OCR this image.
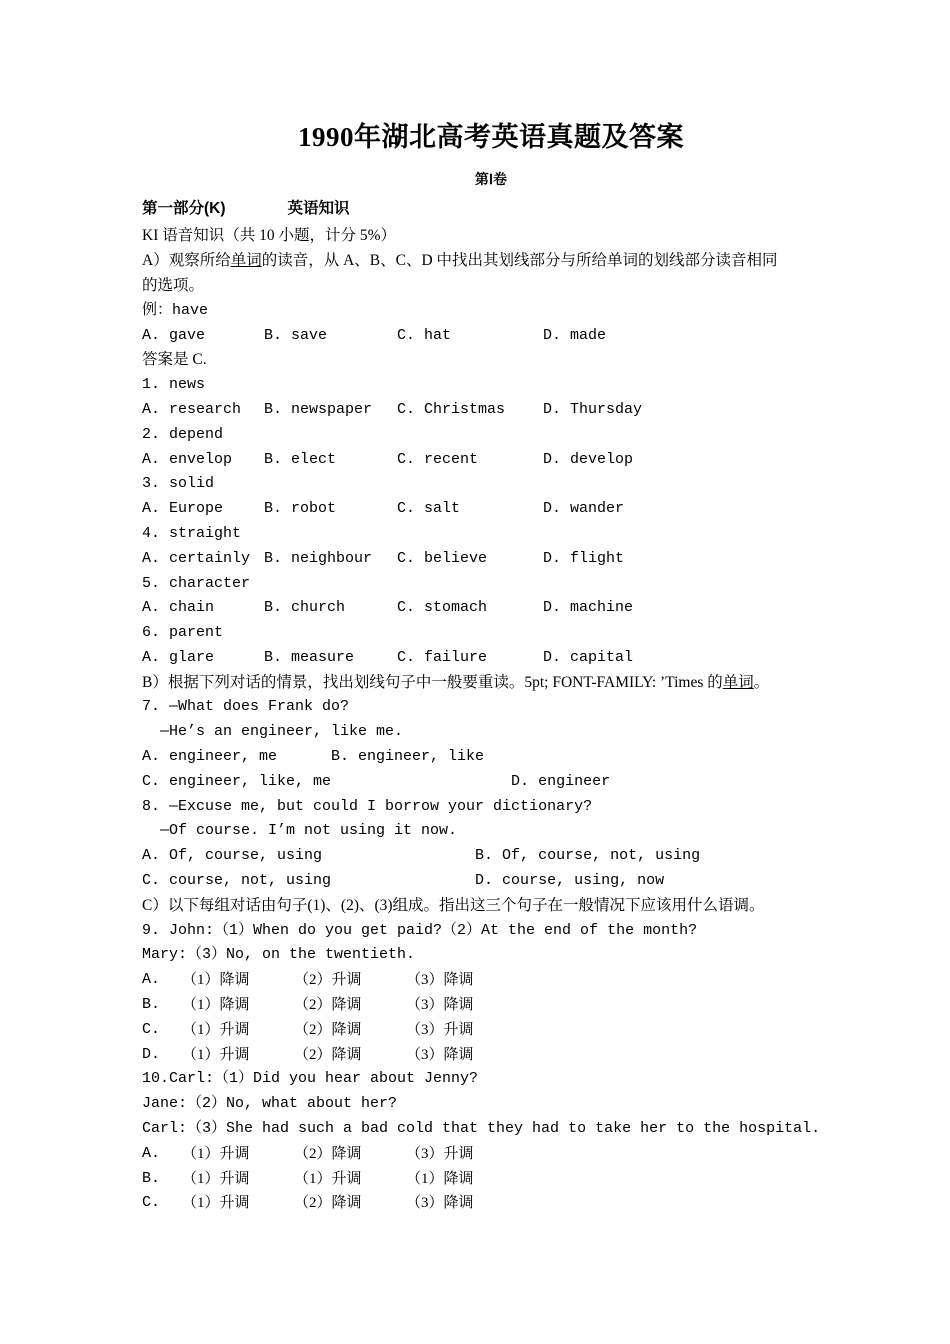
1990年湖北高考英语真题及答案
第Ⅰ卷
第一部分(K)	英语知识
KI 语音知识（共 10 小题，计分 5%）
A）观察所给单词的读音，从 A、B、C、D 中找出其划线部分与所给单词的划线部分读音相同
的选项。
例：have
A. gave	B. save	C. hat	D. made
答案是 C.
1. news
A. research	B. newspaper	C. Christmas	D. Thursday
2. depend
A. envelop	B. elect	C. recent	D. develop
3. solid
A. Europe	B. robot	C. salt	D. wander
4. straight
A. certainly B. neighbour	C. believe	D. flight
5. character
A. chain	B. church	C. stomach	D. machine
6. parent
A. glare	B. measure	C. failure	D. capital
B）根据下列对话的情景，找出划线句子中一般要重读。5pt; FONT-FAMILY: ’Times 的单词。
7. —What does Frank do?
—He’s an engineer, like me.
A. engineer, me      B. engineer, like
C. engineer, like, me                    D. engineer
8. —Excuse me, but could I borrow your dictionary?
—Of course. I’m not using it now.
A. Of, course, using                 B. Of, course, not, using
C. course, not, using                D. course, using, now
C）以下每组对话由句子(1)、(2)、(3)组成。指出这三个句子在一般情况下应该用什么语调。
9. John:（1）When do you get paid?（2）At the end of the month?
Mary:（3）No, on the twentieth.
A.	（1）降调	（2）升调	（3）降调
B.	（1）降调	（2）降调	（3）降调
C.	（1）升调	（2）降调	（3）升调
D.	（1）升调	（2）降调	（3）降调
10.Carl:（1）Did you hear about Jenny?
Jane:（2）No, what about her?
Carl:（3）She had such a bad cold that they had to take her to the hospital.
A.	（1）升调	（2）降调	（3）升调
B.	（1）升调	（1）升调	（1）降调
C.	（1）升调	（2）降调	（3）降调
